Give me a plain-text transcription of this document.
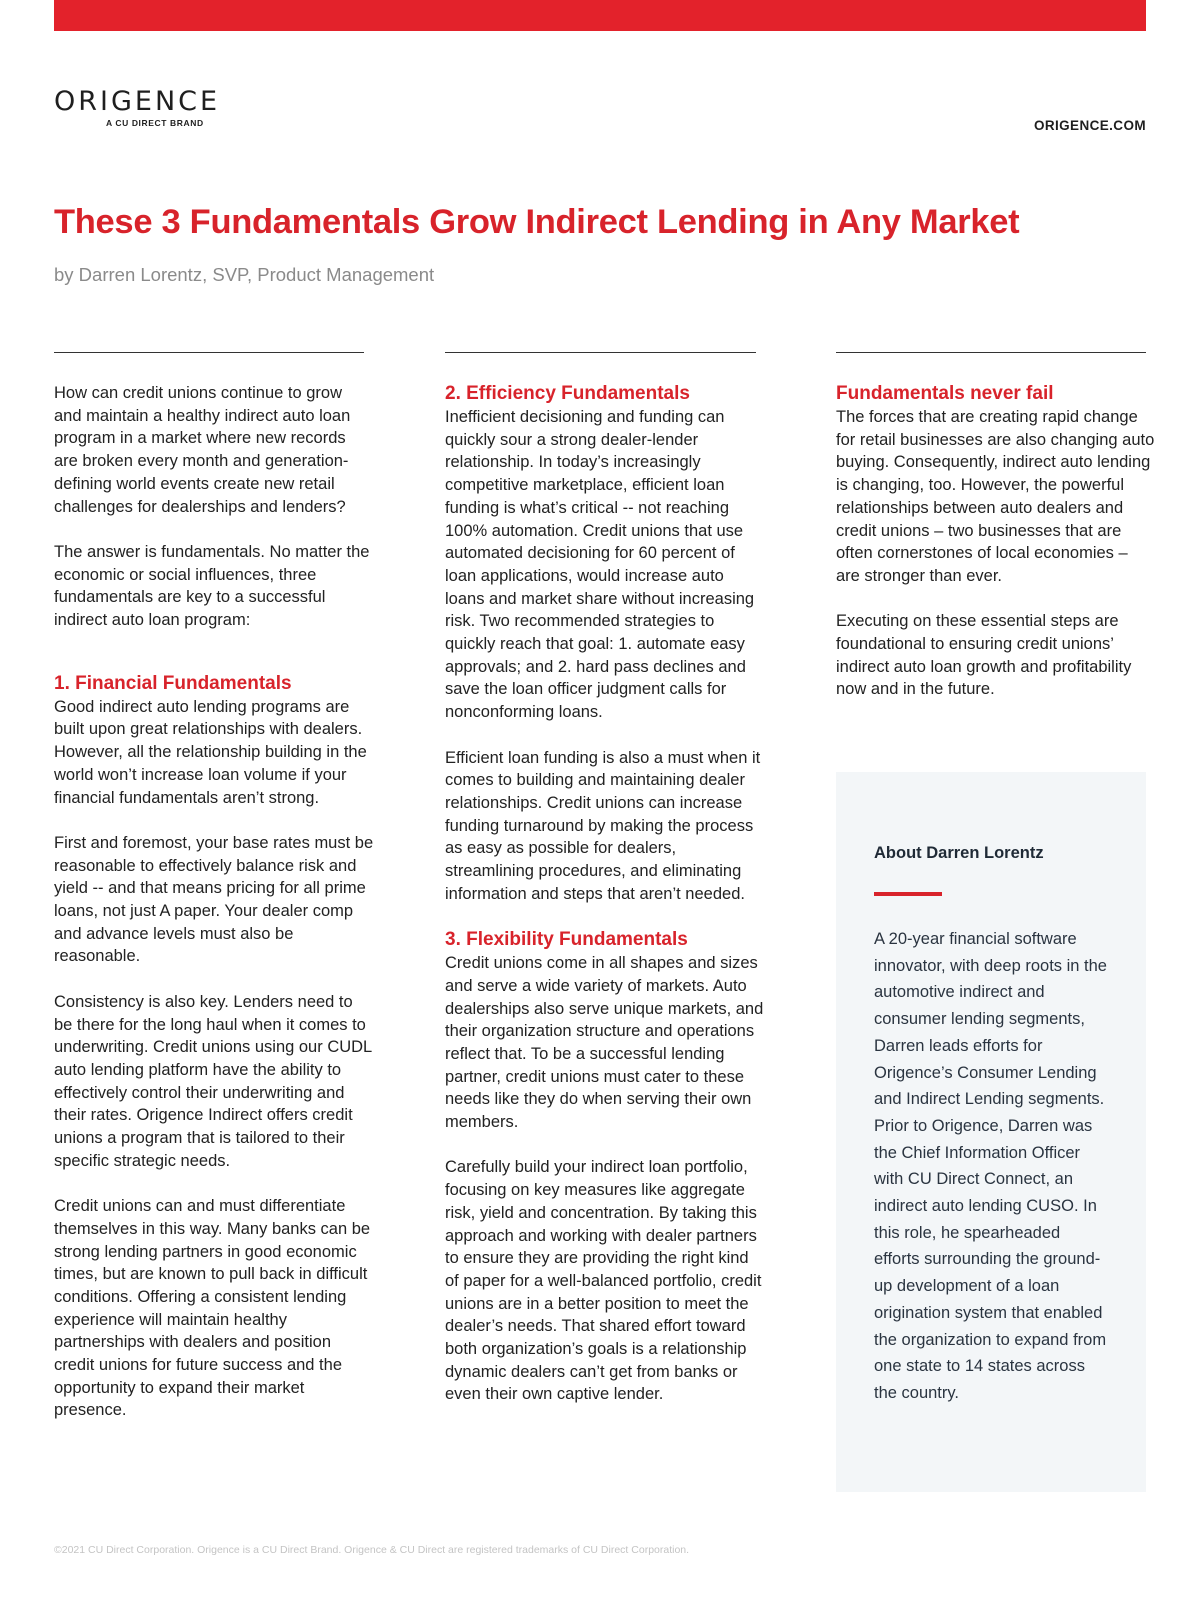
ORIGENCE
A CU DIRECT BRAND	ORIGENCE.COM
These 3 Fundamentals Grow Indirect Lending in Any Market
by Darren Lorentz, SVP, Product Management

How can credit unions continue to grow and maintain a healthy indirect auto loan program in a market where new records are broken every month and generation-defining world events create new retail challenges for dealerships and lenders?

The answer is fundamentals. No matter the economic or social influences, three fundamentals are key to a successful indirect auto loan program:

1. Financial Fundamentals

Good indirect auto lending programs are built upon great relationships with dealers. However, all the relationship building in the world won’t increase loan volume if your financial fundamentals aren’t strong.

First and foremost, your base rates must be reasonable to effectively balance risk and yield -- and that means pricing for all prime loans, not just A paper. Your dealer comp and advance levels must also be reasonable.

Consistency is also key. Lenders need to be there for the long haul when it comes to underwriting. Credit unions using our CUDL auto lending platform have the ability to effectively control their underwriting and their rates. Origence Indirect offers credit unions a program that is tailored to their specific strategic needs.

Credit unions can and must differentiate themselves in this way. Many banks can be strong lending partners in good economic times, but are known to pull back in difficult conditions. Offering a consistent lending experience will maintain healthy partnerships with dealers and position credit unions for future success and the opportunity to expand their market presence.

2. Efficiency Fundamentals

Inefficient decisioning and funding can quickly sour a strong dealer-lender relationship. In today’s increasingly competitive marketplace, efficient loan funding is what’s critical -- not reaching 100% automation. Credit unions that use automated decisioning for 60 percent of loan applications, would increase auto loans and market share without increasing risk. Two recommended strategies to quickly reach that goal: 1. automate easy approvals; and 2. hard pass declines and save the loan officer judgment calls for nonconforming loans.

Efficient loan funding is also a must when it comes to building and maintaining dealer relationships. Credit unions can increase funding turnaround by making the process as easy as possible for dealers, streamlining procedures, and eliminating information and steps that aren’t needed.

3. Flexibility Fundamentals

Credit unions come in all shapes and sizes and serve a wide variety of markets. Auto dealerships also serve unique markets, and their organization structure and operations reflect that. To be a successful lending partner, credit unions must cater to these needs like they do when serving their own members.

Carefully build your indirect loan portfolio, focusing on key measures like aggregate risk, yield and concentration. By taking this approach and working with dealer partners to ensure they are providing the right kind of paper for a well-balanced portfolio, credit unions are in a better position to meet the dealer’s needs. That shared effort toward both organization’s goals is a relationship dynamic dealers can’t get from banks or even their own captive lender.

Fundamentals never fail

The forces that are creating rapid change for retail businesses are also changing auto buying. Consequently, indirect auto lending is changing, too. However, the powerful relationships between auto dealers and credit unions – two businesses that are often cornerstones of local economies – are stronger than ever.

Executing on these essential steps are foundational to ensuring credit unions’ indirect auto loan growth and profitability now and in the future.

About Darren Lorentz

A 20-year financial software innovator, with deep roots in the automotive indirect and consumer lending segments, Darren leads efforts for Origence’s Consumer Lending and Indirect Lending segments. Prior to Origence, Darren was the Chief Information Officer with CU Direct Connect, an indirect auto lending CUSO. In this role, he spearheaded efforts surrounding the ground-up development of a loan origination system that enabled the organization to expand from one state to 14 states across the country.

©2021 CU Direct Corporation. Origence is a CU Direct Brand. Origence & CU Direct are registered trademarks of CU Direct Corporation.
